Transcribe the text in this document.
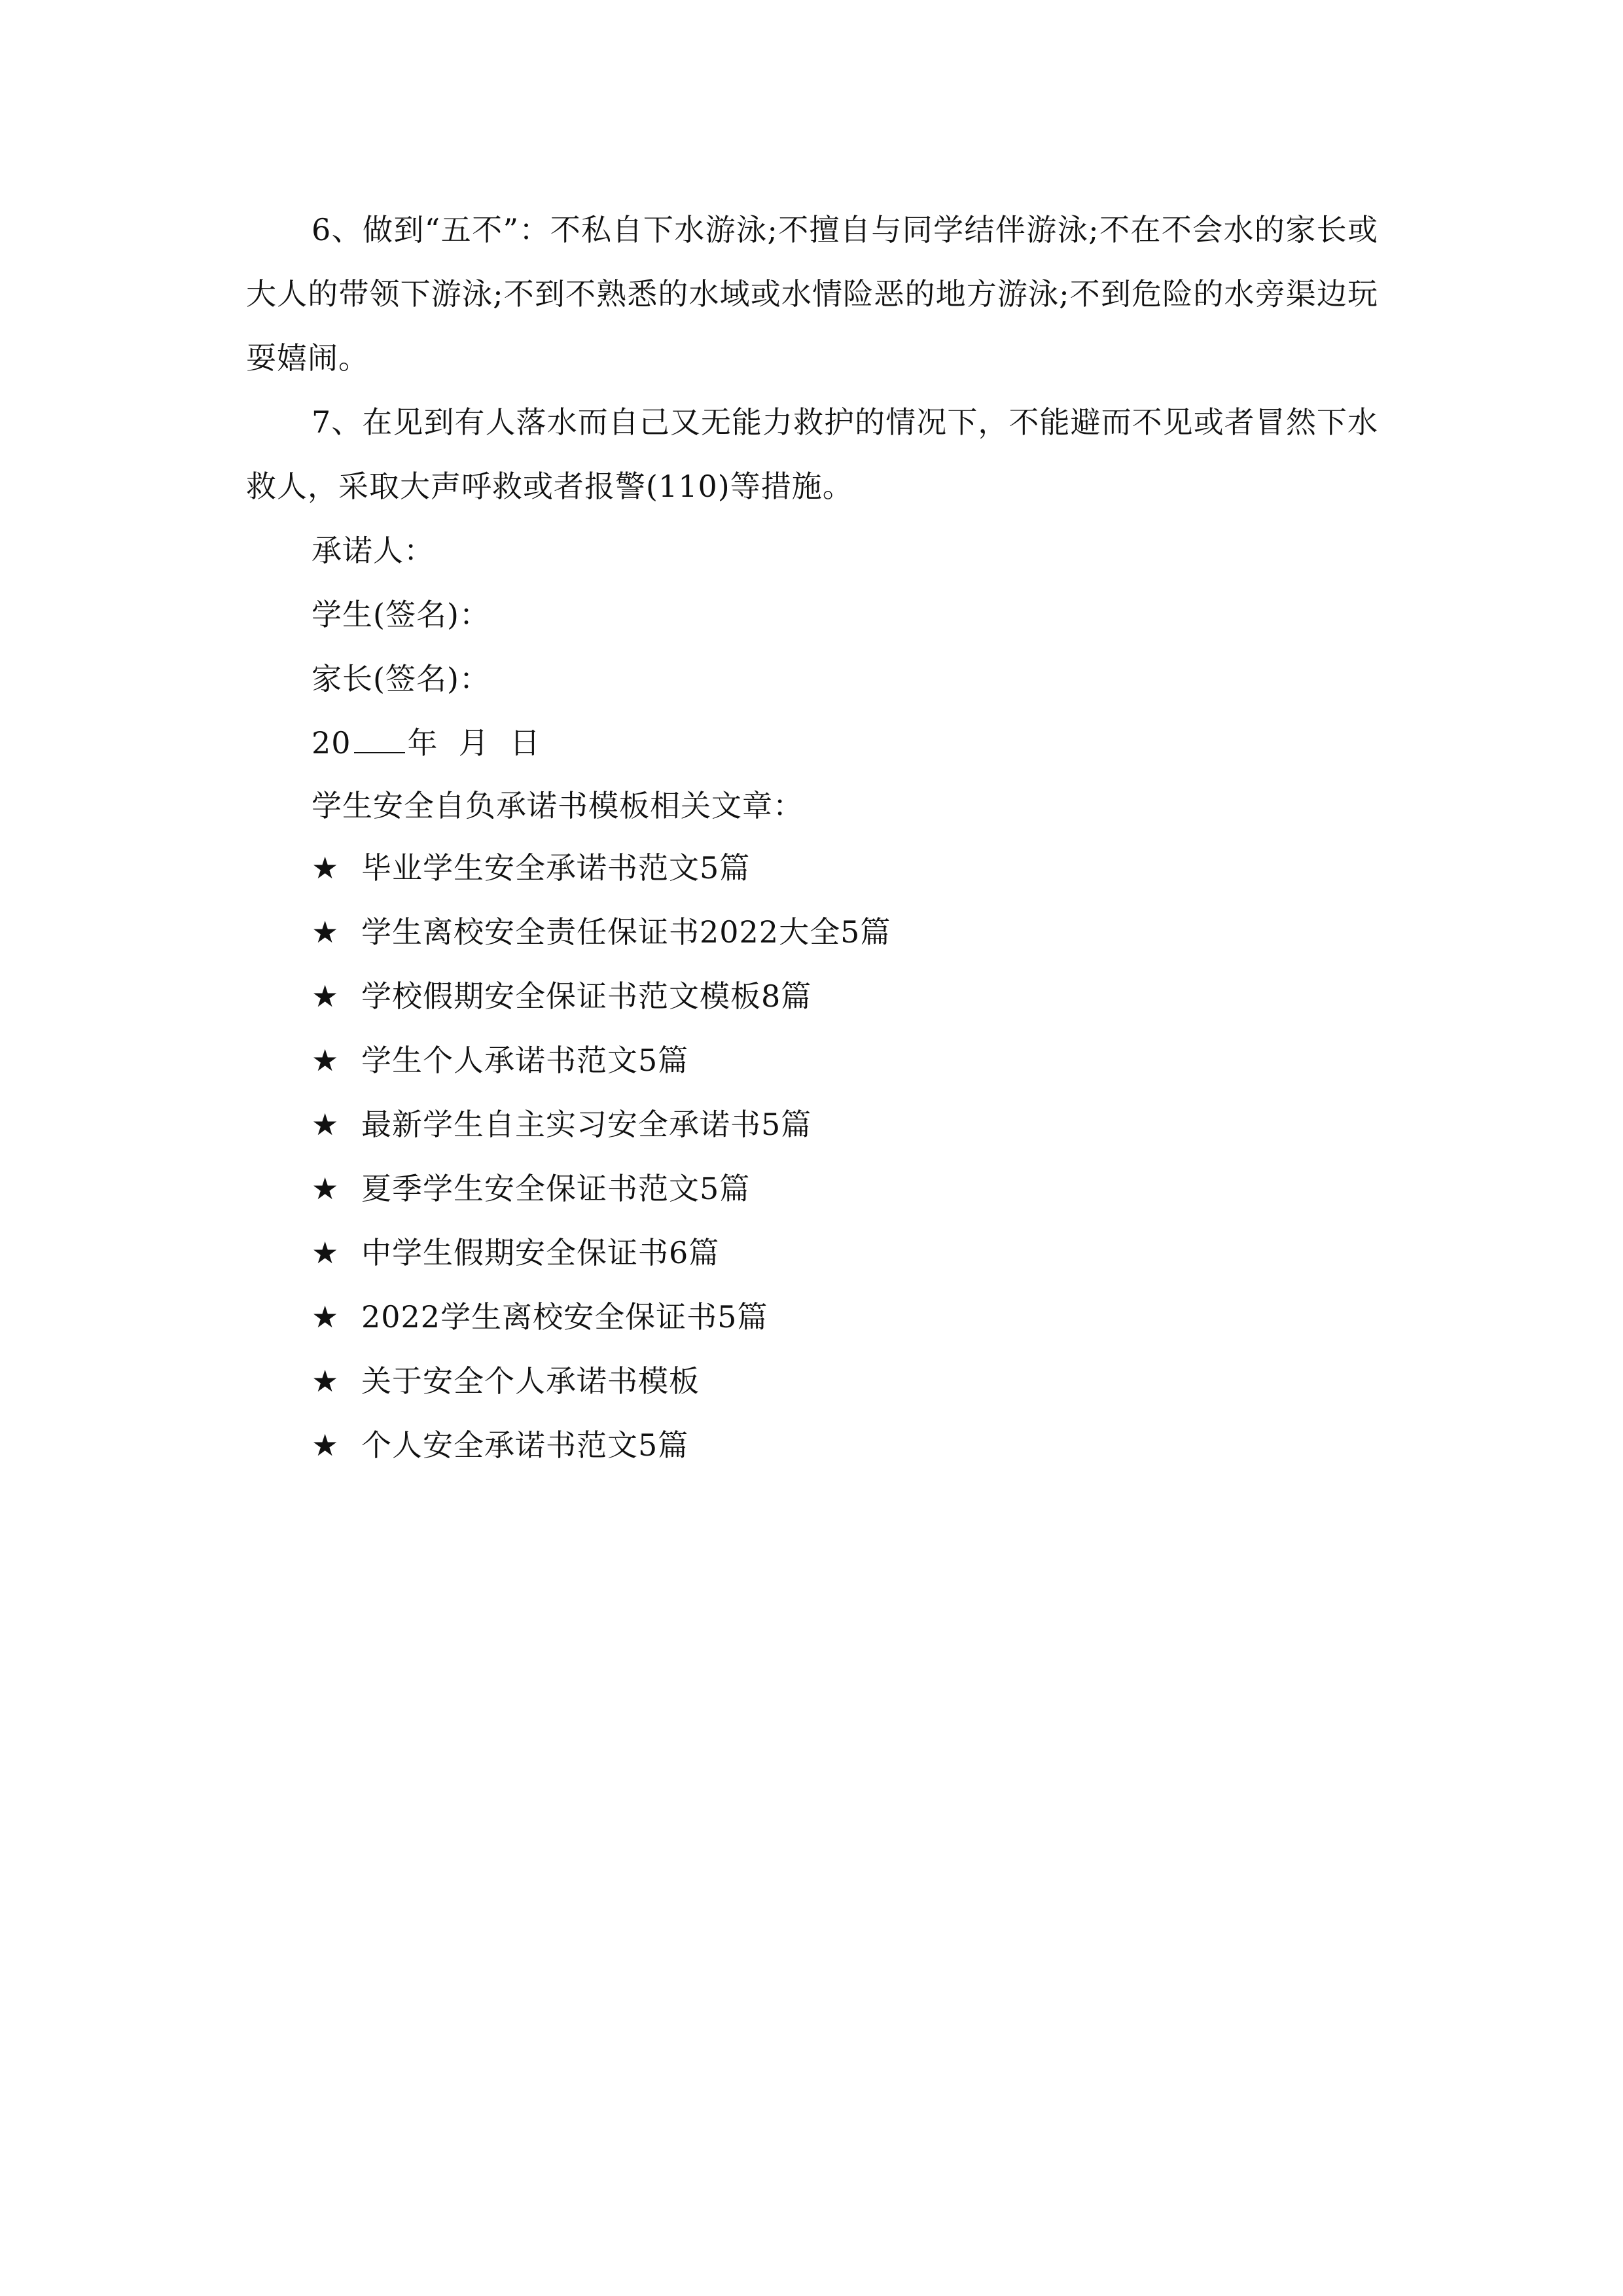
6、做到“五不”：不私自下水游泳;不擅自与同学结伴游泳;不在不会水的家长或大人的带领下游泳;不到不熟悉的水域或水情险恶的地方游泳;不到危险的水旁渠边玩耍嬉闹。

7、在见到有人落水而自己又无能力救护的情况下，不能避而不见或者冒然下水救人，采取大声呼救或者报警(110)等措施。

承诺人：

学生(签名)：

家长(签名)：

20 年  月  日

学生安全自负承诺书模板相关文章：

★ 毕业学生安全承诺书范文5篇
★ 学生离校安全责任保证书2022大全5篇
★ 学校假期安全保证书范文模板8篇
★ 学生个人承诺书范文5篇
★ 最新学生自主实习安全承诺书5篇
★ 夏季学生安全保证书范文5篇
★ 中学生假期安全保证书6篇
★ 2022学生离校安全保证书5篇
★ 关于安全个人承诺书模板
★ 个人安全承诺书范文5篇
